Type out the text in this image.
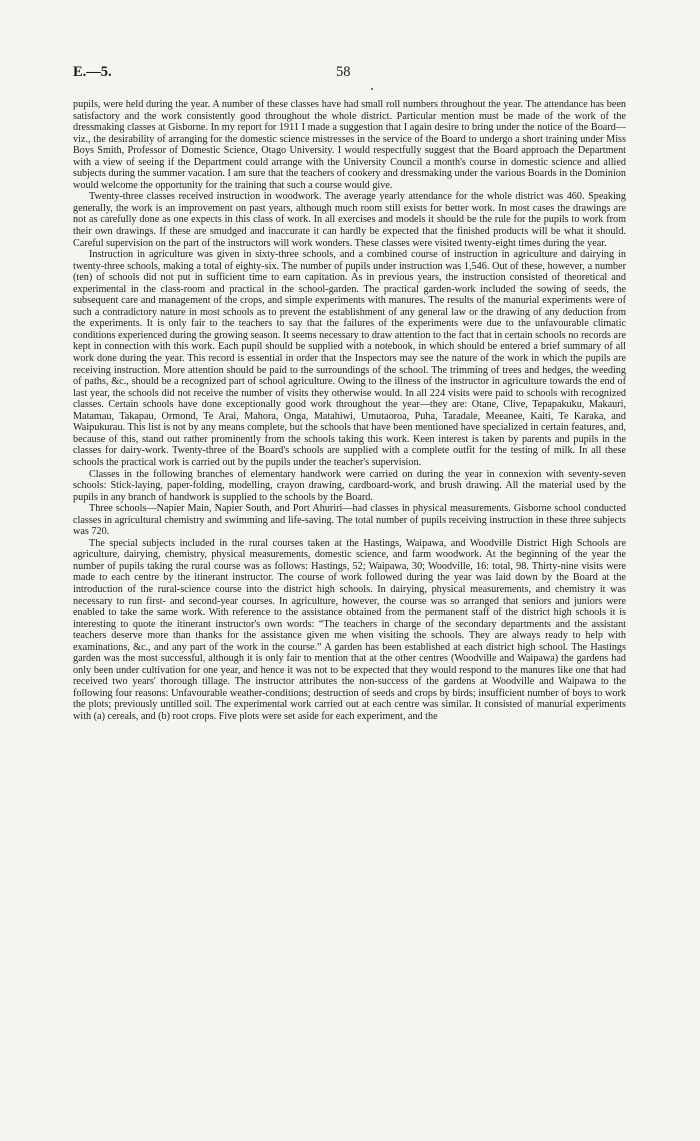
E.—5.	58

pupils, were held during the year. A number of these classes have had small roll numbers throughout the year. The attendance has been satisfactory and the work consistently good throughout the whole district. Particular mention must be made of the work of the dressmaking classes at Gisborne. In my report for 1911 I made a suggestion that I again desire to bring under the notice of the Board—viz., the desirability of arranging for the domestic science mistresses in the service of the Board to undergo a short training under Miss Boys Smith, Professor of Domestic Science, Otago University. I would respectfully suggest that the Board approach the Department with a view of seeing if the Department could arrange with the University Council a month's course in domestic science and allied subjects during the summer vacation. I am sure that the teachers of cookery and dressmaking under the various Boards in the Dominion would welcome the opportunity for the training that such a course would give.

Twenty-three classes received instruction in woodwork. The average yearly attendance for the whole district was 460. Speaking generally, the work is an improvement on past years, although much room still exists for better work. In most cases the drawings are not as carefully done as one expects in this class of work. In all exercises and models it should be the rule for the pupils to work from their own drawings. If these are smudged and inaccurate it can hardly be expected that the finished products will be what it should. Careful supervision on the part of the instructors will work wonders. These classes were visited twenty-eight times during the year.

Instruction in agriculture was given in sixty-three schools, and a combined course of instruction in agriculture and dairying in twenty-three schools, making a total of eighty-six. The number of pupils under instruction was 1,546. Out of these, however, a number (ten) of schools did not put in sufficient time to earn capitation. As in previous years, the instruction consisted of theoretical and experimental in the class-room and practical in the school-garden. The practical garden-work included the sowing of seeds, the subsequent care and management of the crops, and simple experiments with manures. The results of the manurial experiments were of such a contradictory nature in most schools as to prevent the establishment of any general law or the drawing of any deduction from the experiments. It is only fair to the teachers to say that the failures of the experiments were due to the unfavourable climatic conditions experienced during the growing season. It seems necessary to draw attention to the fact that in certain schools no records are kept in connection with this work. Each pupil should be supplied with a notebook, in which should be entered a brief summary of all work done during the year. This record is essential in order that the Inspectors may see the nature of the work in which the pupils are receiving instruction. More attention should be paid to the surroundings of the school. The trimming of trees and hedges, the weeding of paths, &c., should be a recognized part of school agriculture. Owing to the illness of the instructor in agriculture towards the end of last year, the schools did not receive the number of visits they otherwise would. In all 224 visits were paid to schools with recognized classes. Certain schools have done exceptionally good work throughout the year—they are: Otane, Clive, Tepapakuku, Makauri, Matamau, Takapau, Ormond, Te Arai, Mahora, Onga, Matahiwi, Umutaoroa, Puha, Taradale, Meeanee, Kaiti, Te Karaka, and Waipukurau. This list is not by any means complete, but the schools that have been mentioned have specialized in certain features, and, because of this, stand out rather prominently from the schools taking this work. Keen interest is taken by parents and pupils in the classes for dairy-work. Twenty-three of the Board's schools are supplied with a complete outfit for the testing of milk. In all these schools the practical work is carried out by the pupils under the teacher's supervision.

Classes in the following branches of elementary handwork were carried on during the year in connexion with seventy-seven schools: Stick-laying, paper-folding, modelling, crayon drawing, cardboard-work, and brush drawing. All the material used by the pupils in any branch of handwork is supplied to the schools by the Board.

Three schools—Napier Main, Napier South, and Port Ahuriri—had classes in physical measurements. Gisborne school conducted classes in agricultural chemistry and swimming and life-saving. The total number of pupils receiving instruction in these three subjects was 720.

The special subjects included in the rural courses taken at the Hastings, Waipawa, and Woodville District High Schools are agriculture, dairying, chemistry, physical measurements, domestic science, and farm woodwork. At the beginning of the year the number of pupils taking the rural course was as follows: Hastings, 52; Waipawa, 30; Woodville, 16: total, 98. Thirty-nine visits were made to each centre by the itinerant instructor. The course of work followed during the year was laid down by the Board at the introduction of the rural-science course into the district high schools. In dairying, physical measurements, and chemistry it was necessary to run first- and second-year courses. In agriculture, however, the course was so arranged that seniors and juniors were enabled to take the same work. With reference to the assistance obtained from the permanent staff of the district high schools it is interesting to quote the itinerant instructor's own words: “The teachers in charge of the secondary departments and the assistant teachers deserve more than thanks for the assistance given me when visiting the schools. They are always ready to help with examinations, &c., and any part of the work in the course.” A garden has been established at each district high school. The Hastings garden was the most successful, although it is only fair to mention that at the other centres (Woodville and Waipawa) the gardens had only been under cultivation for one year, and hence it was not to be expected that they would respond to the manures like one that had received two years' thorough tillage. The instructor attributes the non-success of the gardens at Woodville and Waipawa to the following four reasons: Unfavourable weather-conditions; destruction of seeds and crops by birds; insufficient number of boys to work the plots; previously untilled soil. The experimental work carried out at each centre was similar. It consisted of manurial experiments with (a) cereals, and (b) root crops. Five plots were set aside for each experiment, and the
